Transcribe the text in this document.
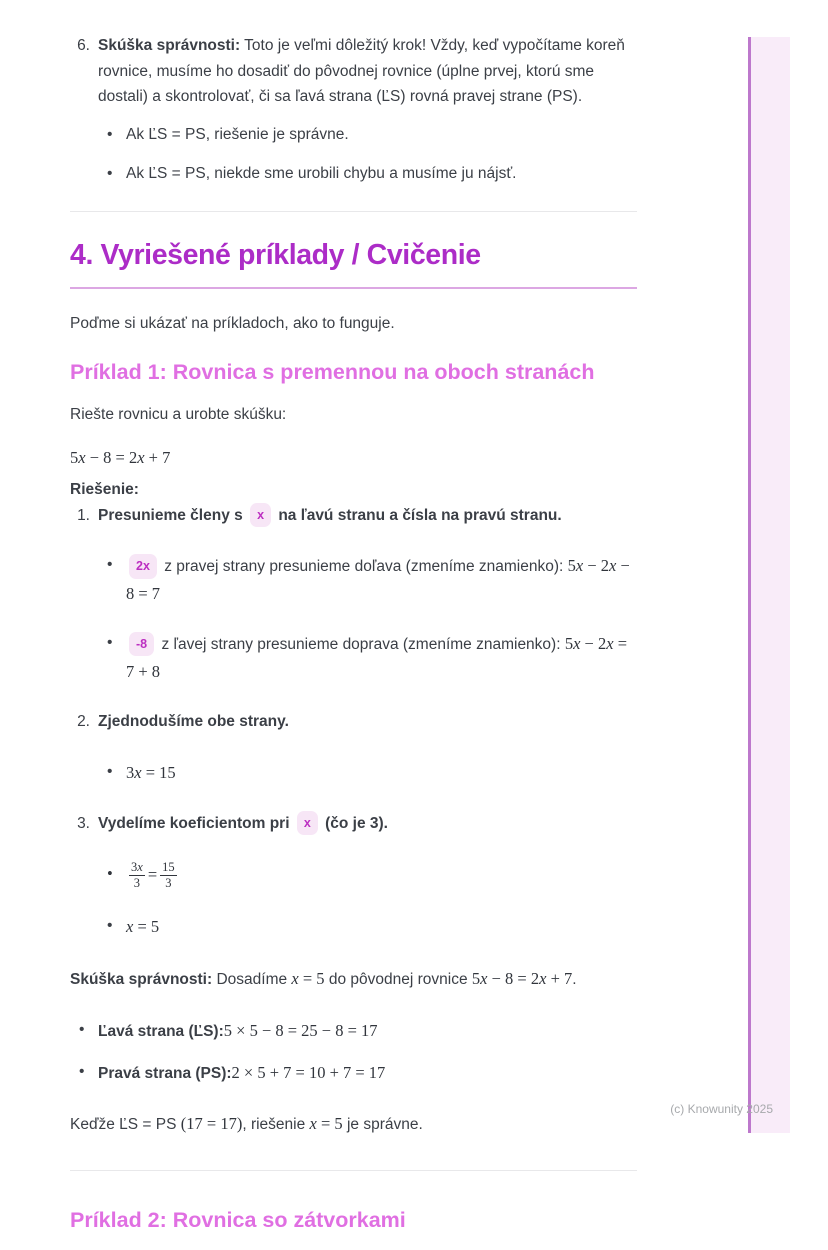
(c) Knowunity 2025
6. Skúška správnosti: Toto je veľmi dôležitý krok! Vždy, keď vypočítame koreň rovnice, musíme ho dosadiť do pôvodnej rovnice (úplne prvej, ktorú sme dostali) a skontrolovať, či sa ľavá strana (ĽS) rovná pravej strane (PS).
• Ak ĽS = PS, riešenie je správne.
• Ak ĽS = PS, niekde sme urobili chybu a musíme ju nájsť.
4. Vyriešené príklady / Cvičenie

Poďme si ukázať na príkladoch, ako to funguje.

Príklad 1: Rovnica s premennou na oboch stranách

Riešte rovnicu a urobte skúšku:

5x − 8 = 2x + 7

Riešenie:

1. Presunieme členy s x na ľavú stranu a čísla na pravú stranu.
• 2x z pravej strany presunieme doľava (zmeníme znamienko): 5x − 2x − 8 = 7
• -8 z ľavej strany presunieme doprava (zmeníme znamienko): 5x − 2x = 7 + 8
2. Zjednodušíme obe strany.
• 3x = 15
3. Vydelíme koeficientom pri x (čo je 3).
• $\frac{3x}{3} = \frac{15}{3}$
• x = 5

Skúška správnosti: Dosadíme x = 5 do pôvodnej rovnice 5x − 8 = 2x + 7.

• Ľavá strana (ĽS):5 × 5 − 8 = 25 − 8 = 17
• Pravá strana (PS):2 × 5 + 7 = 10 + 7 = 17

Keďže ĽS = PS (17 = 17), riešenie x = 5 je správne.

Príklad 2: Rovnica so zátvorkami
